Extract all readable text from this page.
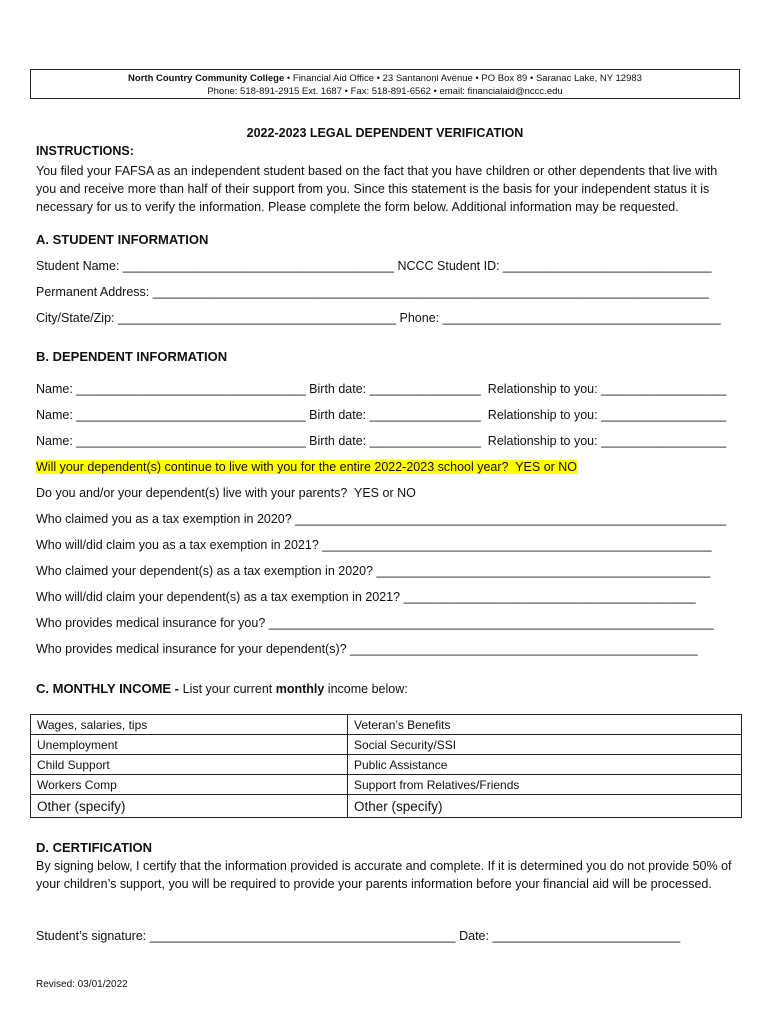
North Country Community College • Financial Aid Office • 23 Santanoni Avenue • PO Box 89 • Saranac Lake, NY 12983
Phone: 518-891-2915 Ext. 1687 • Fax: 518-891-6562 • email: financialaid@nccc.edu
2022-2023 LEGAL DEPENDENT VERIFICATION
INSTRUCTIONS:
You filed your FAFSA as an independent student based on the fact that you have children or other dependents that live with you and receive more than half of their support from you. Since this statement is the basis for your independent status it is necessary for us to verify the information. Please complete the form below. Additional information may be requested.
A. STUDENT INFORMATION
Student Name: _______________________________________ NCCC Student ID: ______________________________
Permanent Address: ________________________________________________________________________________
City/State/Zip: ________________________________________ Phone: ________________________________________
B. DEPENDENT INFORMATION
Name: _________________________________ Birth date: ________________  Relationship to you: __________________
Name: _________________________________ Birth date: ________________  Relationship to you: __________________
Name: _________________________________ Birth date: ________________  Relationship to you: __________________
Will your dependent(s) continue to live with you for the entire 2022-2023 school year?  YES or NO
Do you and/or your dependent(s) live with your parents?  YES or NO
Who claimed you as a tax exemption in 2020? ______________________________________________________________
Who will/did claim you as a tax exemption in 2021? ________________________________________________________
Who claimed your dependent(s) as a tax exemption in 2020? ________________________________________________
Who will/did claim your dependent(s) as a tax exemption in 2021? __________________________________________
Who provides medical insurance for you? ________________________________________________________________
Who provides medical insurance for your dependent(s)? __________________________________________________
C. MONTHLY INCOME - List your current monthly income below:
Wages, salaries, tips	Veteran’s Benefits
Unemployment	Social Security/SSI
Child Support	Public Assistance
Workers Comp	Support from Relatives/Friends
Other (specify)	Other (specify)
D. CERTIFICATION
By signing below, I certify that the information provided is accurate and complete. If it is determined you do not provide 50% of your children’s support, you will be required to provide your parents information before your financial aid will be processed.
Student’s signature: ____________________________________________ Date: ___________________________
Revised: 03/01/2022
